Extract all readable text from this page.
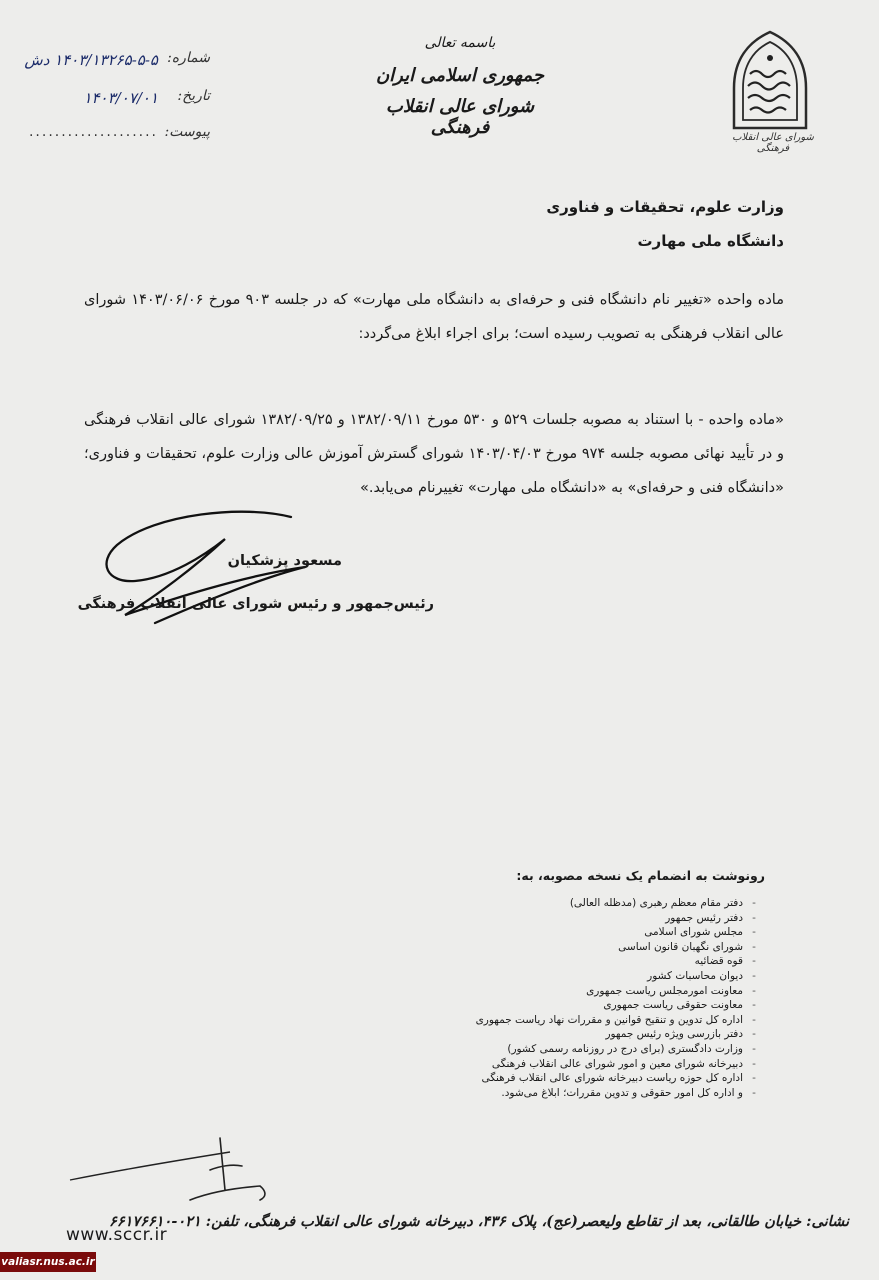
شورای عالی انقلاب فرهنگی
باسمه تعالی
جمهوری اسلامی ایران
شورای عالی انقلاب فرهنگی
شماره:
۱۴۰۳/۱۳۲۶۵-۵-۵ دش
تاریخ:
۱۴۰۳/۰۷/۰۱
پیوست:
....................
وزارت علوم، تحقیقات و فناوری
دانشگاه ملی مهارت

ماده واحده «تغییر نام دانشگاه فنی و حرفه‌ای به دانشگاه ملی مهارت» که در جلسه ۹۰۳ مورخ ۱۴۰۳/۰۶/۰۶ شورای عالی انقلاب فرهنگی به تصویب رسیده است؛ برای اجراء ابلاغ می‌گردد:

«ماده واحده - با استناد به مصوبه جلسات ۵۲۹ و ۵۳۰ مورخ ۱۳۸۲/۰۹/۱۱ و ۱۳۸۲/۰۹/۲۵ شورای عالی انقلاب فرهنگی و در تأیید نهائی مصوبه جلسه ۹۷۴ مورخ ۱۴۰۳/۰۴/۰۳ شورای گسترش آموزش عالی وزارت علوم، تحقیقات و فناوری؛ «دانشگاه فنی و حرفه‌ای» به «دانشگاه ملی مهارت» تغییرنام می‌یابد.»

مسعود پزشکیان
رئیس‌جمهور و رئیس شورای عالی انقلاب فرهنگی
رونوشت به انضمام یک نسخه مصوبه، به:
-دفتر مقام معظم رهبری (مدظله العالی)
-دفتر رئیس جمهور
-مجلس شورای اسلامی
-شورای نگهبان قانون اساسی
-قوه قضائیه
-دیوان محاسبات کشور
-معاونت امورمجلس ریاست جمهوری
-معاونت حقوقی ریاست جمهوری
-اداره کل تدوین و تنقیح قوانین و مقررات نهاد ریاست جمهوری
-دفتر بازرسی ویژه رئیس جمهور
-وزارت دادگستری (برای درج در روزنامه رسمی کشور)
-دبیرخانه شورای معین و امور شورای عالی انقلاب فرهنگی
-اداره کل حوزه ریاست دبیرخانه شورای عالی انقلاب فرهنگی
-و اداره کل امور حقوقی و تدوین مقررات؛ ابلاغ می‌شود.
www.sccr.ir
نشانی: خیابان طالقانی، بعد از تقاطع ولیعصر(عج)، پلاک ۴۳۶، دبیرخانه شورای عالی انقلاب فرهنگی، تلفن: ۰۲۱-۶۶۱۷۶۶۱۰
valiasr.nus.ac.ir
